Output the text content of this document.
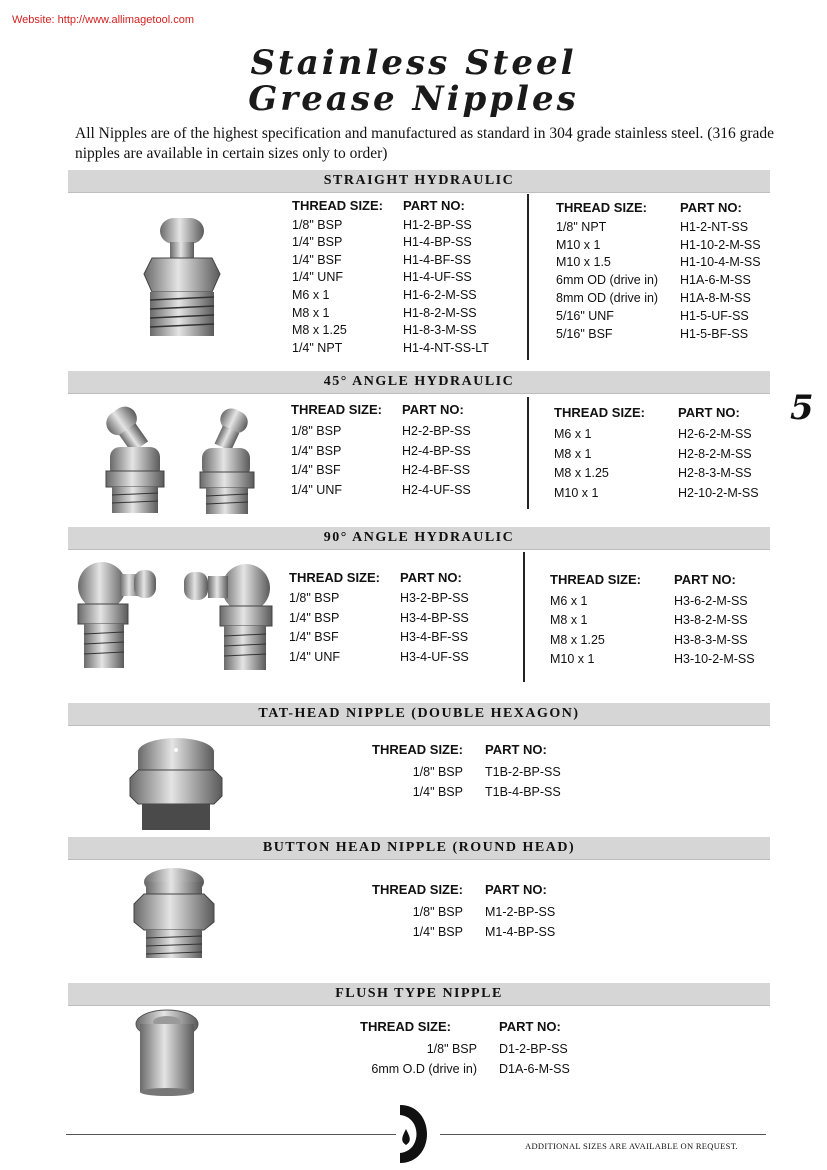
Website: http://www.allimagetool.com
Stainless Steel
Grease Nipples
All Nipples are of the highest specification and manufactured as standard in 304 grade stainless steel. (316 grade nipples are available in certain sizes only to order)
5
STRAIGHT HYDRAULIC
45° ANGLE HYDRAULIC
90° ANGLE HYDRAULIC
TAT-HEAD NIPPLE (DOUBLE HEXAGON)
BUTTON HEAD NIPPLE (ROUND HEAD)
FLUSH TYPE NIPPLE
THREAD SIZE: PART NO:
1/8" BSP	H1-2-BP-SS
1/4" BSP	H1-4-BP-SS
1/4" BSF	H1-4-BF-SS
1/4" UNF	H1-4-UF-SS
M6 x 1	H1-6-2-M-SS
M8 x 1	H1-8-2-M-SS
M8 x 1.25	H1-8-3-M-SS
1/4" NPT	H1-4-NT-SS-LT
THREAD SIZE:	PART NO:
1/8" NPT	H1-2-NT-SS
M10 x 1	H1-10-2-M-SS
M10 x 1.5	H1-10-4-M-SS
6mm OD (drive in) H1A-6-M-SS
8mm OD (drive in) H1A-8-M-SS
5/16" UNF	H1-5-UF-SS
5/16" BSF	H1-5-BF-SS
THREAD SIZE: PART NO:
1/8" BSP	H2-2-BP-SS
1/4" BSP	H2-4-BP-SS
1/4" BSF	H2-4-BF-SS
1/4" UNF	H2-4-UF-SS
THREAD SIZE:	PART NO:
M6 x 1	H2-6-2-M-SS
M8 x 1	H2-8-2-M-SS
M8 x 1.25	H2-8-3-M-SS
M10 x 1	H2-10-2-M-SS
THREAD SIZE: PART NO:
1/8" BSP	H3-2-BP-SS
1/4" BSP	H3-4-BP-SS
1/4" BSF	H3-4-BF-SS
1/4" UNF	H3-4-UF-SS
THREAD SIZE:	PART NO:
M6 x 1	H3-6-2-M-SS
M8 x 1	H3-8-2-M-SS
M8 x 1.25	H3-8-3-M-SS
M10 x 1	H3-10-2-M-SS
THREAD SIZE: PART NO:
1/8" BSP T1B-2-BP-SS
1/4" BSP T1B-4-BP-SS
THREAD SIZE: PART NO:
1/8" BSP M1-2-BP-SS
1/4" BSP M1-4-BP-SS
THREAD SIZE:	PART NO:
1/8" BSP D1-2-BP-SS
6mm O.D (drive in) D1A-6-M-SS
ADDITIONAL SIZES ARE AVAILABLE ON REQUEST.
